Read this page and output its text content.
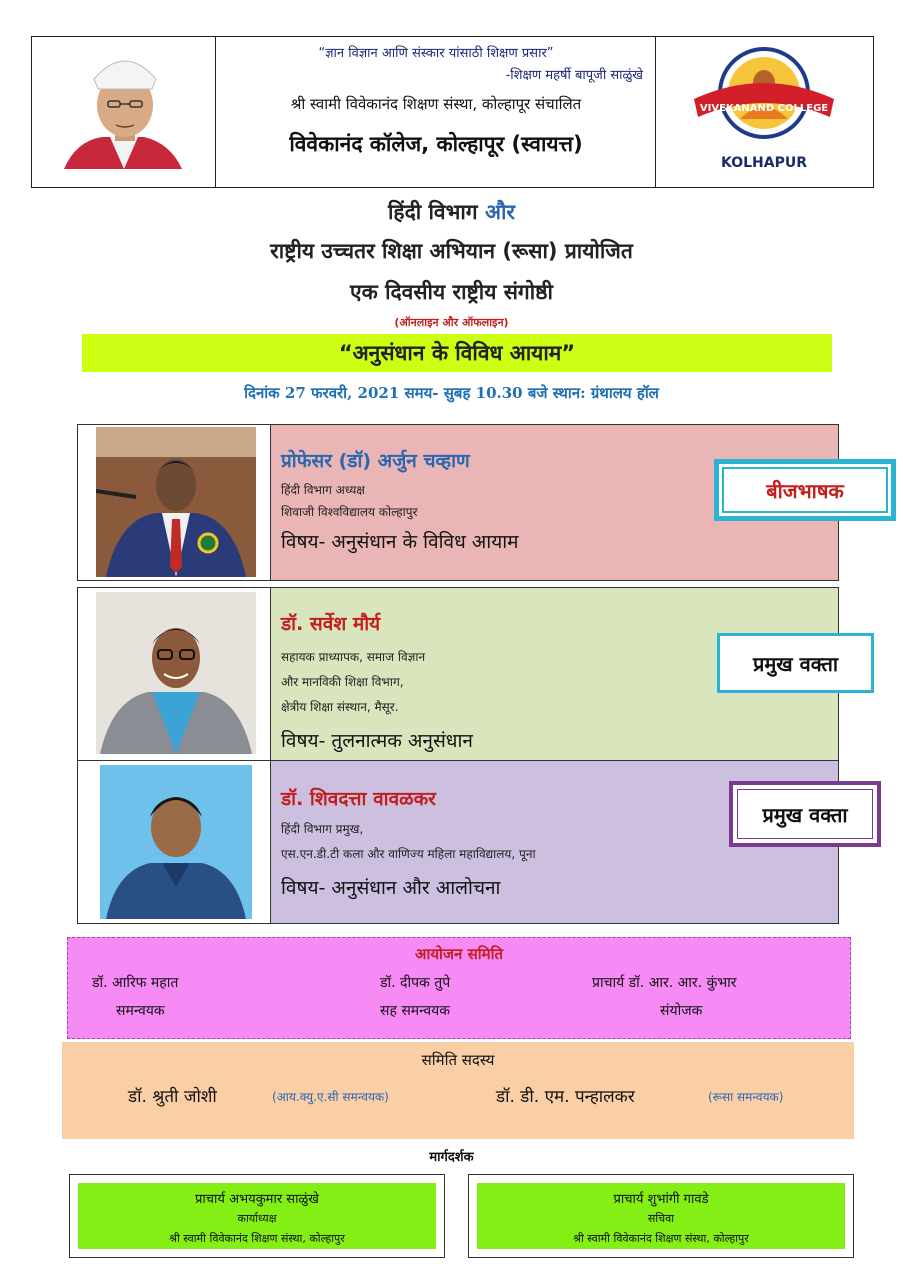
“ज्ञान विज्ञान आणि संस्कार यांसाठी शिक्षण प्रसार”
-शिक्षण महर्षी बापूजी साळुंखे
श्री स्वामी विवेकानंद शिक्षण संस्था, कोल्हापूर संचालित
विवेकानंद कॉलेज, कोल्हापूर (स्वायत्त)
VIVEKANAND COLLEGE
KOLHAPUR
हिंदी विभाग और
राष्ट्रीय उच्चतर शिक्षा अभियान (रूसा) प्रायोजित
एक दिवसीय राष्ट्रीय संगोष्ठी
(ऑनलाइन और ऑफलाइन)
“अनुसंधान के विविध आयाम”
दिनांक 27 फरवरी, 2021 समय- सुबह 10.30 बजे स्थान: ग्रंथालय हॉल
प्रोफेसर (डॉ) अर्जुन चव्हाण
हिंदी विभाग अध्यक्ष
शिवाजी विश्वविद्यालय कोल्हापुर
विषय- अनुसंधान के विविध आयाम
बीजभाषक
डॉ. सर्वेश मौर्य
सहायक प्राध्यापक, समाज विज्ञान
और मानविकी शिक्षा विभाग,
क्षेत्रीय शिक्षा संस्थान, मैसूर.
विषय- तुलनात्मक अनुसंधान
प्रमुख वक्ता
डॉ. शिवदत्ता वावळकर
हिंदी विभाग प्रमुख,
एस.एन.डी.टी कला और वाणिज्य महिला महाविद्यालय, पूना
विषय- अनुसंधान और आलोचना
प्रमुख वक्ता
आयोजन समिति
डॉ. आरिफ महात
समन्वयक
डॉ. दीपक तुपे
सह समन्वयक
प्राचार्य डॉ. आर. आर. कुंभार
संयोजक
समिति सदस्य
डॉ. श्रुती जोशी	(आय.क्यु.ए.सी समन्वयक)	डॉ. डी. एम. पन्हालकर	(रूसा समन्वयक)
मार्गदर्शक
प्राचार्य अभयकुमार साळुंखे
कार्याध्यक्ष
श्री स्वामी विवेकानंद शिक्षण संस्था, कोल्हापुर
प्राचार्य शुभांगी गावडे
सचिवा
श्री स्वामी विवेकानंद शिक्षण संस्था, कोल्हापुर
